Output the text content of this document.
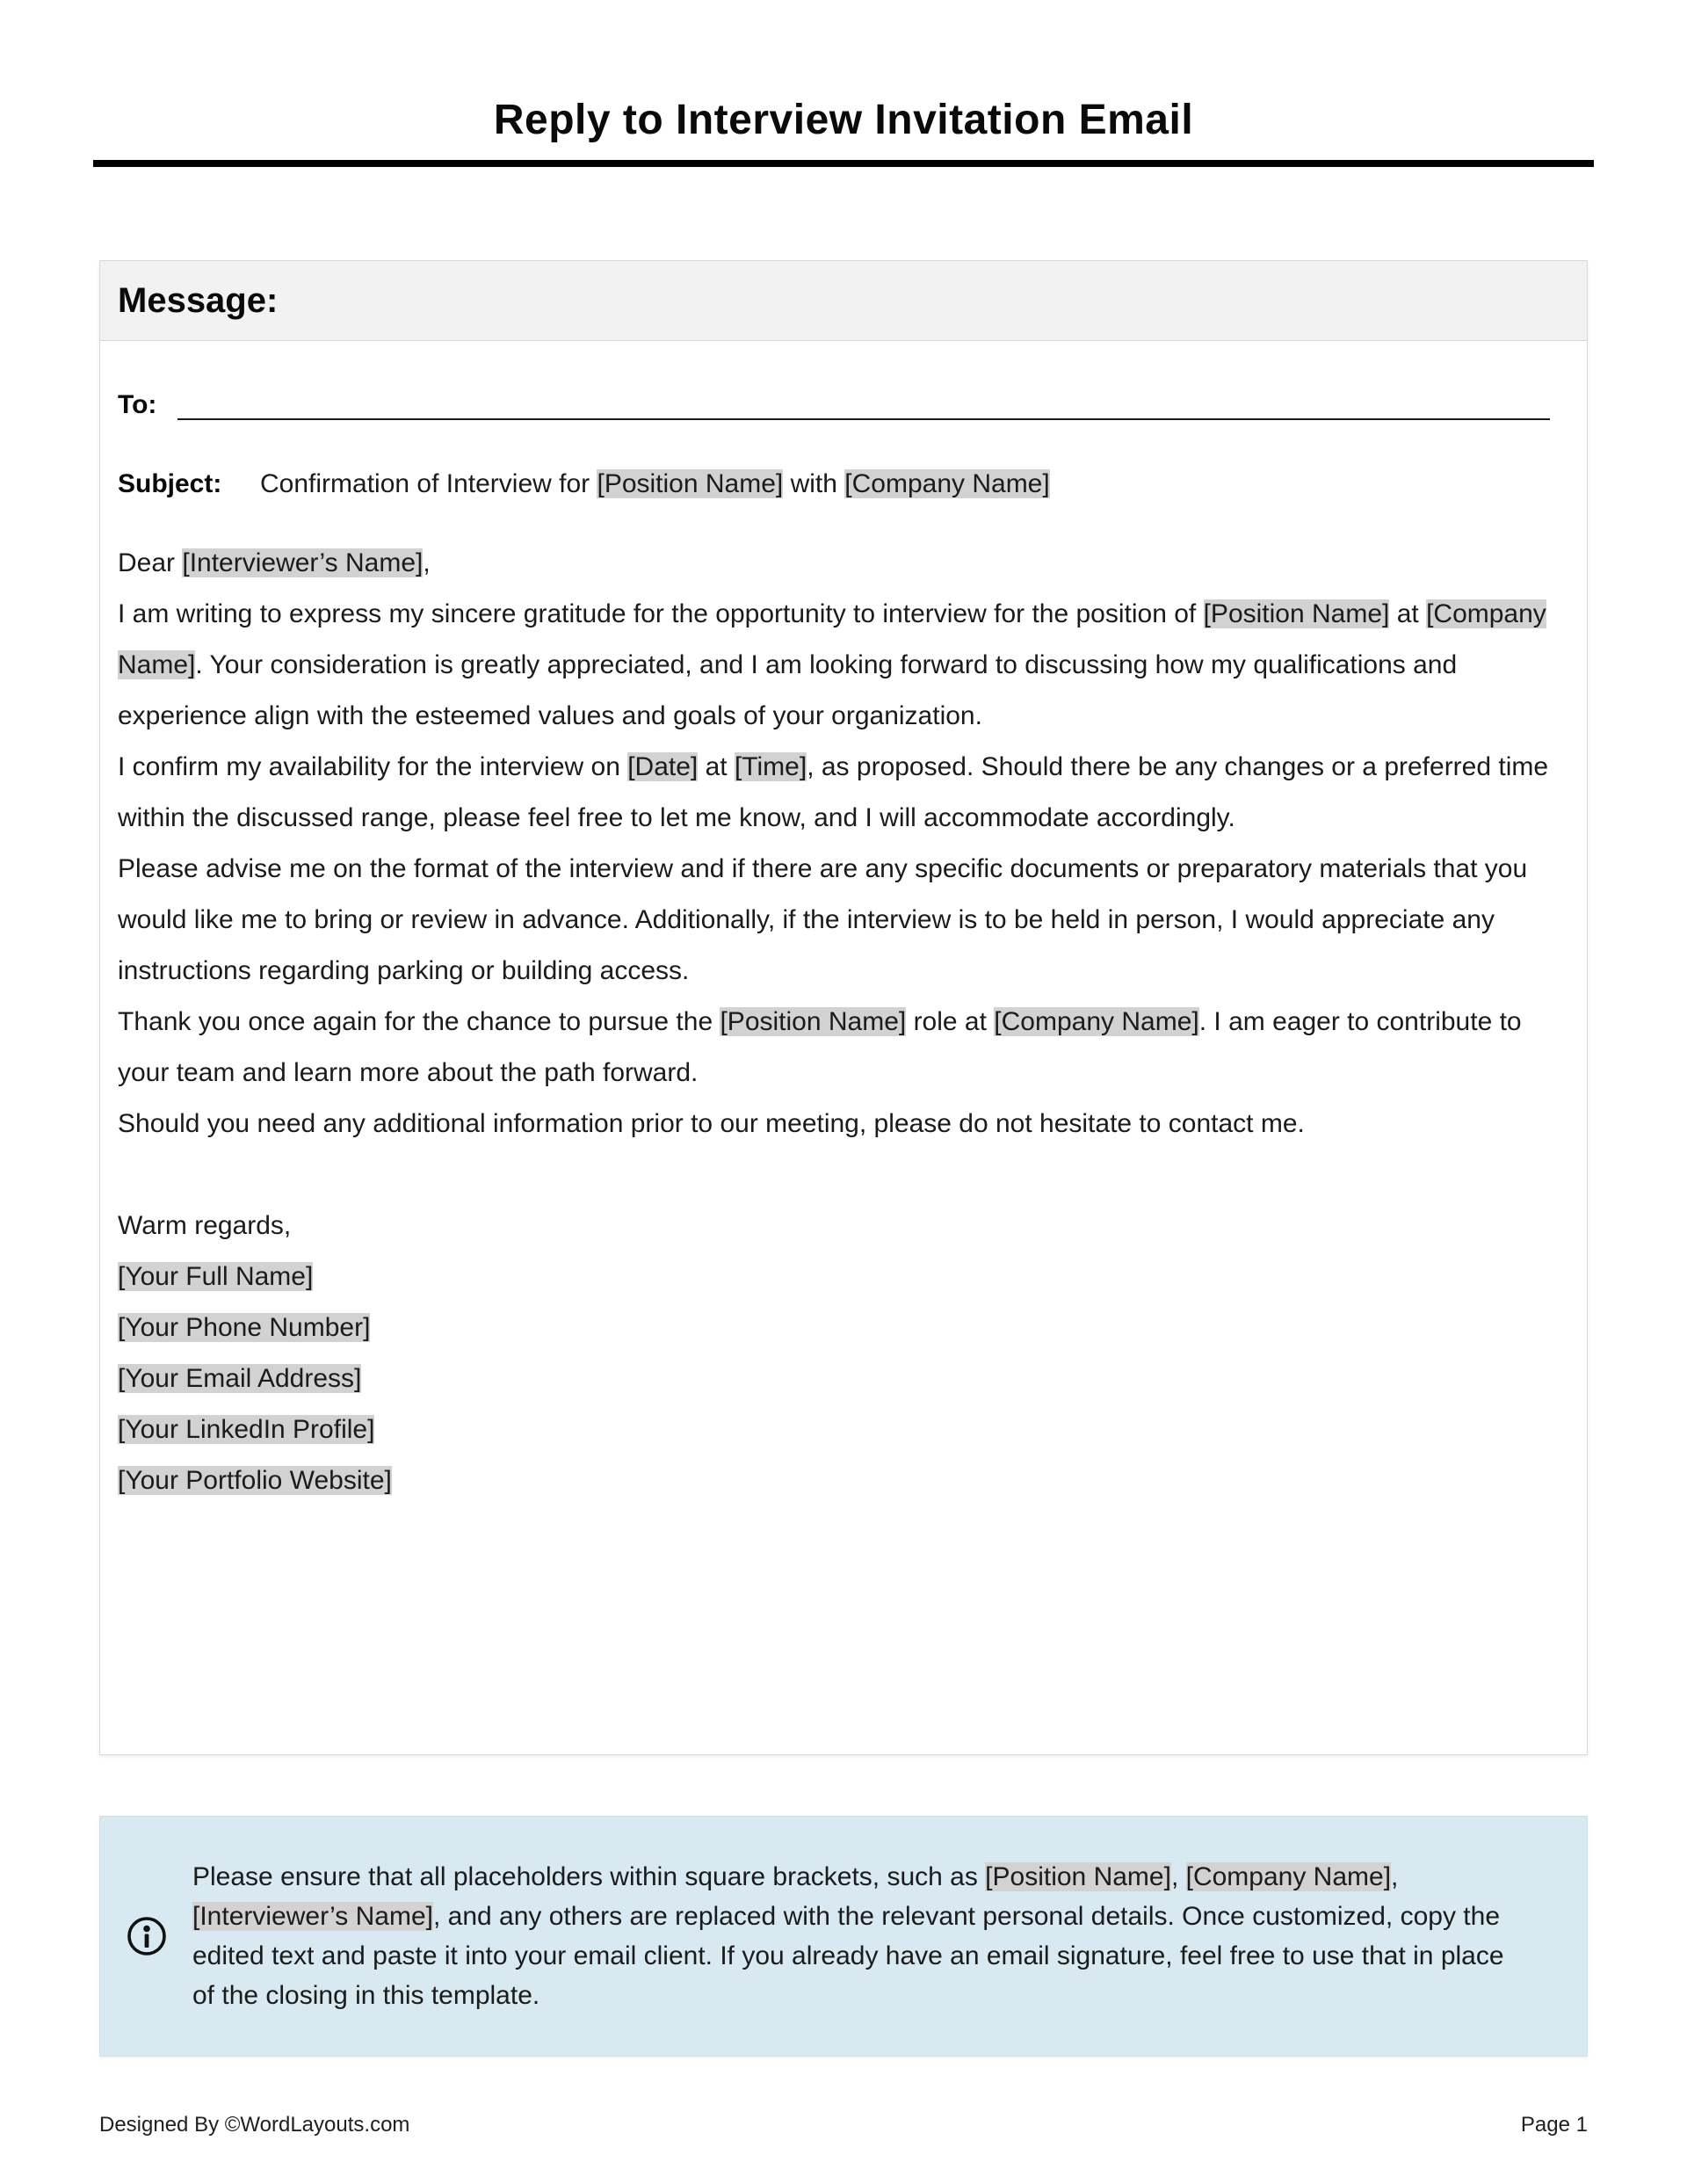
Reply to Interview Invitation Email
Message:
To:
Subject:	Confirmation of Interview for [Position Name] with [Company Name]

Dear [Interviewer’s Name],

I am writing to express my sincere gratitude for the opportunity to interview for the position of [Position Name] at [Company Name]. Your consideration is greatly appreciated, and I am looking forward to discussing how my qualifications and experience align with the esteemed values and goals of your organization.

I confirm my availability for the interview on [Date] at [Time], as proposed. Should there be any changes or a preferred time within the discussed range, please feel free to let me know, and I will accommodate accordingly.

Please advise me on the format of the interview and if there are any specific documents or preparatory materials that you would like me to bring or review in advance. Additionally, if the interview is to be held in person, I would appreciate any instructions regarding parking or building access.

Thank you once again for the chance to pursue the [Position Name] role at [Company Name]. I am eager to contribute to your team and learn more about the path forward.

Should you need any additional information prior to our meeting, please do not hesitate to contact me.

Warm regards,

[Your Full Name]
[Your Phone Number]
[Your Email Address]
[Your LinkedIn Profile]
[Your Portfolio Website]

Please ensure that all placeholders within square brackets, such as [Position Name], [Company Name], [Interviewer’s Name], and any others are replaced with the relevant personal details. Once customized, copy the edited text and paste it into your email client. If you already have an email signature, feel free to use that in place of the closing in this template.

Designed By ©WordLayouts.com	Page 1
